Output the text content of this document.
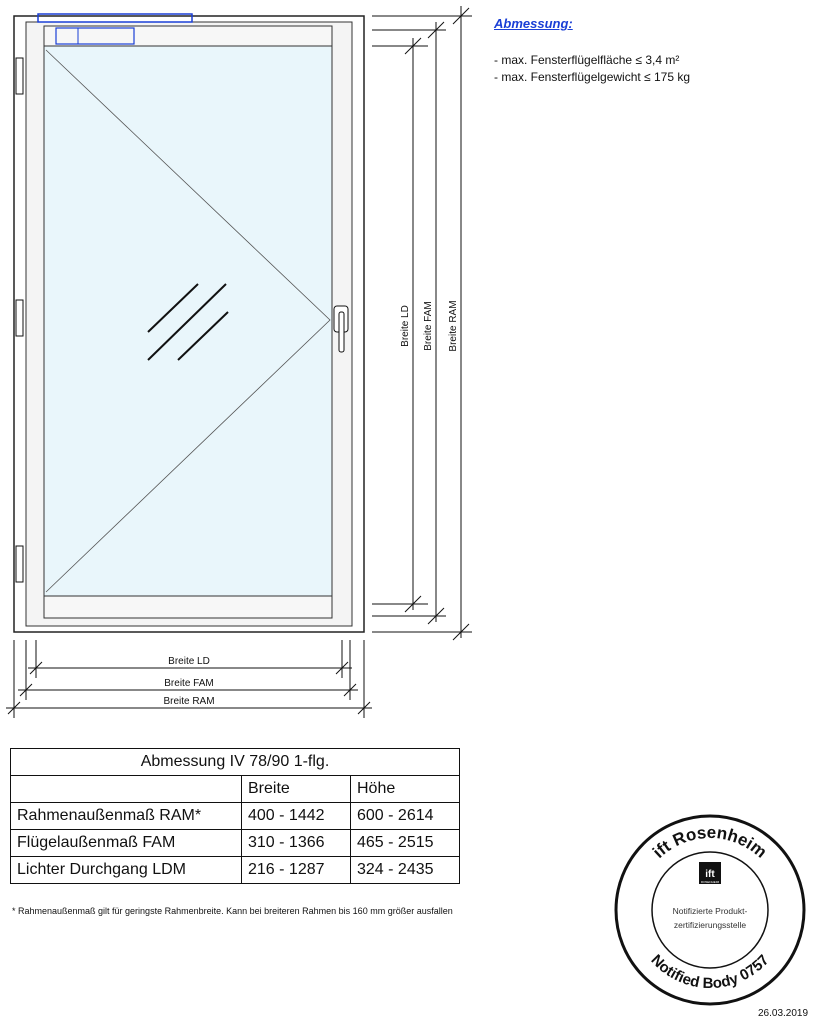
Breite LD Breite FAM Breite RAM
Breite LD
Breite FAM
Breite RAM
Abmessung:
- max. Fensterflügelfläche ≤ 3,4 m²
- max. Fensterflügelgewicht ≤ 175 kg
Abmessung IV 78/90 1-flg.		
	Breite	Höhe
Rahmenaußenmaß RAM*	400 - 1442	600 - 2614
Flügelaußenmaß FAM	310 - 1366	465 - 2515
Lichter Durchgang LDM	216 - 1287	324 - 2435
* Rahmenaußenmaß gilt für geringste Rahmenbreite. Kann bei breiteren Rahmen bis 160 mm größer ausfallen
ift Rosenheim
Notified Body 0757
ift
ROSENHEIM
Notifizierte Produkt-
zertifizierungsstelle
26.03.2019
